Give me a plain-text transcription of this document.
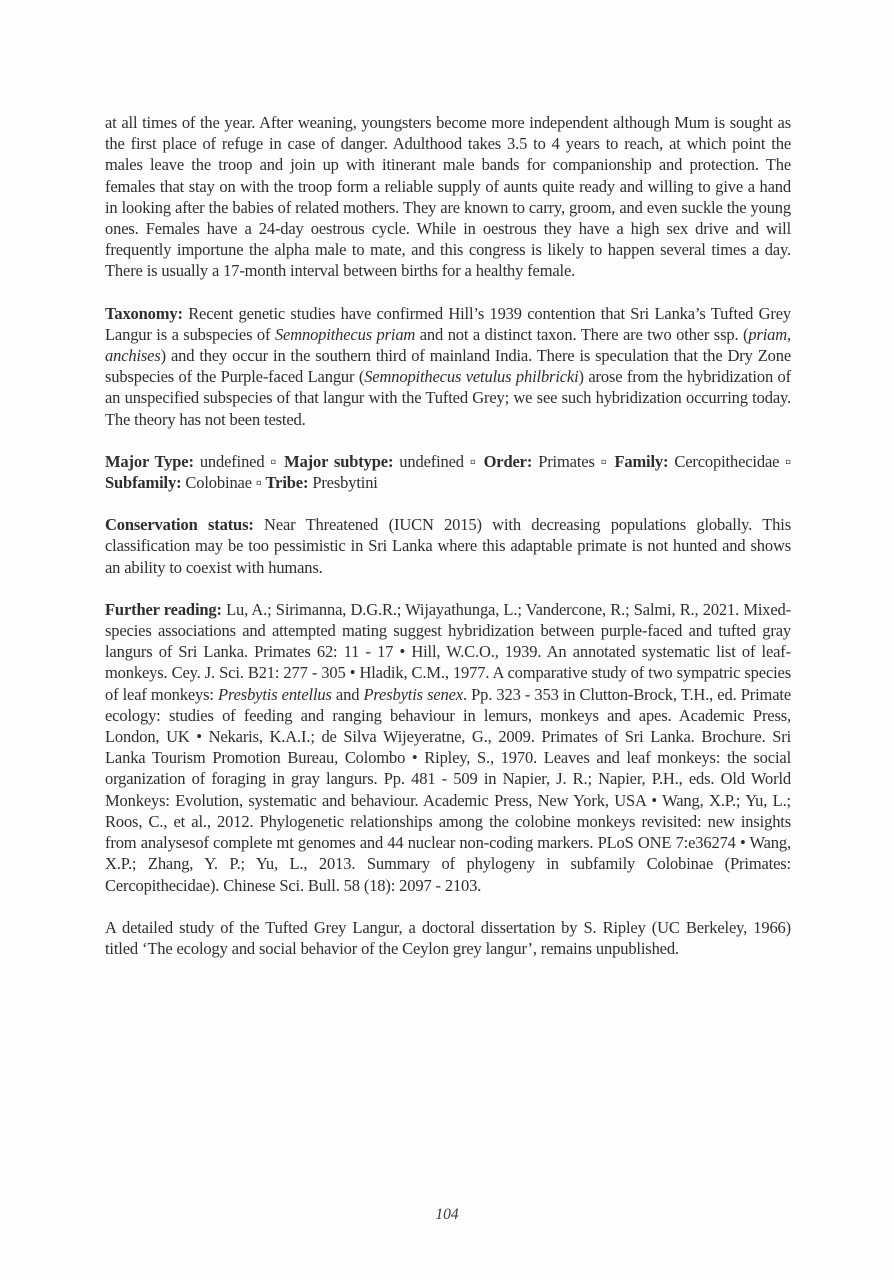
at all times of the year. After weaning, youngsters become more independent although Mum is sought as the first place of refuge in case of danger. Adulthood takes 3.5 to 4 years to reach, at which point the males leave the troop and join up with itinerant male bands for companionship and protection. The females that stay on with the troop form a reliable supply of aunts quite ready and willing to give a hand in looking after the babies of related mothers. They are known to carry, groom, and even suckle the young ones. Females have a 24-day oestrous cycle. While in oestrous they have a high sex drive and will frequently importune the alpha male to mate, and this congress is likely to happen several times a day. There is usually a 17-month interval between births for a healthy female.

Taxonomy: Recent genetic studies have confirmed Hill’s 1939 contention that Sri Lanka’s Tufted Grey Langur is a subspecies of Semnopithecus priam and not a distinct taxon. There are two other ssp. (priam, anchises) and they occur in the southern third of mainland India. There is speculation that the Dry Zone subspecies of the Purple-faced Langur (Semnopithecus vetulus philbricki) arose from the hybridization of an unspecified subspecies of that langur with the Tufted Grey; we see such hybridization occurring today. The theory has not been tested.

Major Type: undefined ▫ Major subtype: undefined ▫ Order: Primates ▫ Family: Cercopithecidae ▫ Subfamily: Colobinae ▫ Tribe: Presbytini

Conservation status: Near Threatened (IUCN 2015) with decreasing populations globally. This classification may be too pessimistic in Sri Lanka where this adaptable primate is not hunted and shows an ability to coexist with humans.

Further reading: Lu, A.; Sirimanna, D.G.R.; Wijayathunga, L.; Vandercone, R.; Salmi, R., 2021. Mixed-species associations and attempted mating suggest hybridization between purple-faced and tufted gray langurs of Sri Lanka. Primates 62: 11 - 17 • Hill, W.C.O., 1939. An annotated systematic list of leaf-monkeys. Cey. J. Sci. B21: 277 - 305 • Hladik, C.M., 1977. A comparative study of two sympatric species of leaf monkeys: Presbytis entellus and Presbytis senex. Pp. 323 - 353 in Clutton-Brock, T.H., ed. Primate ecology: studies of feeding and ranging behaviour in lemurs, monkeys and apes. Academic Press, London, UK • Nekaris, K.A.I.; de Silva Wijeyeratne, G., 2009. Primates of Sri Lanka. Brochure. Sri Lanka Tourism Promotion Bureau, Colombo • Ripley, S., 1970. Leaves and leaf monkeys: the social organization of foraging in gray langurs. Pp. 481 - 509 in Napier, J. R.; Napier, P.H., eds. Old World Monkeys: Evolution, systematic and behaviour. Academic Press, New York, USA • Wang, X.P.; Yu, L.; Roos, C., et al., 2012. Phylogenetic relationships among the colobine monkeys revisited: new insights from analysesof complete mt genomes and 44 nuclear non-coding markers. PLoS ONE 7:e36274 • Wang, X.P.; Zhang, Y. P.; Yu, L., 2013. Summary of phylogeny in subfamily Colobinae (Primates: Cercopithecidae). Chinese Sci. Bull. 58 (18): 2097 - 2103.

A detailed study of the Tufted Grey Langur, a doctoral dissertation by S. Ripley (UC Berkeley, 1966) titled ‘The ecology and social behavior of the Ceylon grey langur’, remains unpublished.

104
